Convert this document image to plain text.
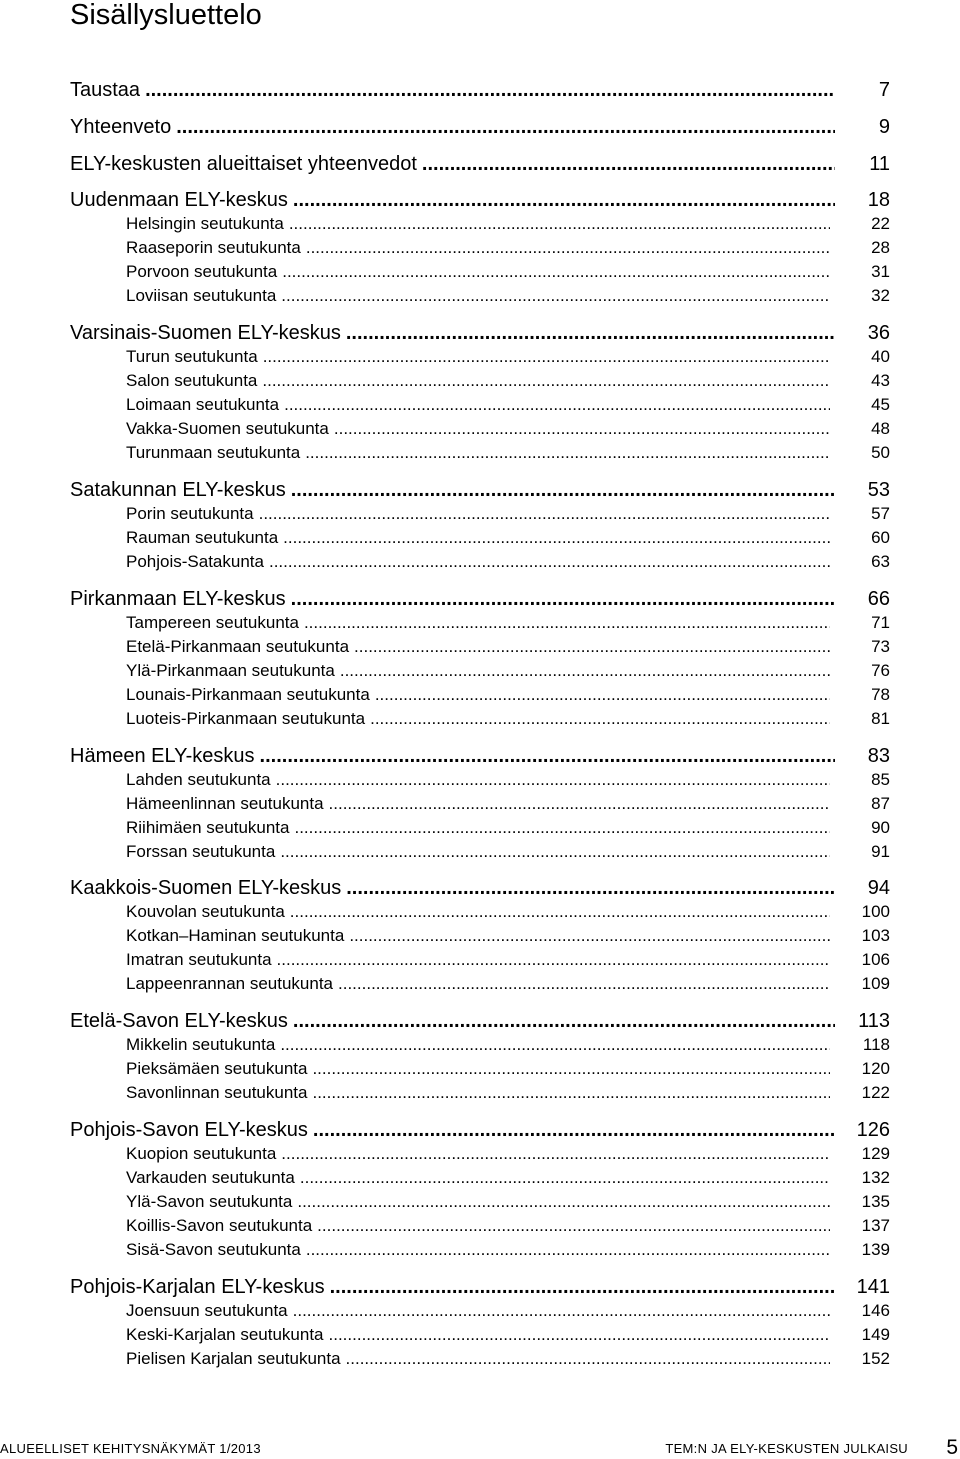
Sisällysluettelo
Taustaa .....	7
Yhteenveto .....	9
ELY-keskusten alueittaiset yhteenvedot .....	11
Uudenmaan ELY-keskus .....	18
Helsingin seutukunta .....	22
Raaseporin seutukunta .....	28
Porvoon seutukunta .....	31
Loviisan seutukunta .....	32
Varsinais-Suomen ELY-keskus .....	36
Turun seutukunta .....	40
Salon seutukunta .....	43
Loimaan seutukunta .....	45
Vakka-Suomen seutukunta .....	48
Turunmaan seutukunta .....	50
Satakunnan ELY-keskus .....	53
Porin seutukunta .....	57
Rauman seutukunta .....	60
Pohjois-Satakunta .....	63
Pirkanmaan ELY-keskus .....	66
Tampereen seutukunta .....	71
Etelä-Pirkanmaan seutukunta .....	73
Ylä-Pirkanmaan seutukunta .....	76
Lounais-Pirkanmaan seutukunta .....	78
Luoteis-Pirkanmaan seutukunta .....	81
Hämeen ELY-keskus .....	83
Lahden seutukunta .....	85
Hämeenlinnan seutukunta .....	87
Riihimäen seutukunta .....	90
Forssan seutukunta .....	91
Kaakkois-Suomen ELY-keskus .....	94
Kouvolan seutukunta .....	100
Kotkan–Haminan seutukunta .....	103
Imatran seutukunta .....	106
Lappeenrannan seutukunta .....	109
Etelä-Savon ELY-keskus .....	113
Mikkelin seutukunta .....	118
Pieksämäen seutukunta .....	120
Savonlinnan seutukunta .....	122
Pohjois-Savon ELY-keskus .....	126
Kuopion seutukunta .....	129
Varkauden seutukunta .....	132
Ylä-Savon seutukunta .....	135
Koillis-Savon seutukunta .....	137
Sisä-Savon seutukunta .....	139
Pohjois-Karjalan ELY-keskus .....	141
Joensuun seutukunta .....	146
Keski-Karjalan seutukunta .....	149
Pielisen Karjalan seutukunta .....	152
ALUEELLISET KEHITYSNÄKYMÄT 1/2013	TEM:N JA ELY-KESKUSTEN JULKAISU 5
